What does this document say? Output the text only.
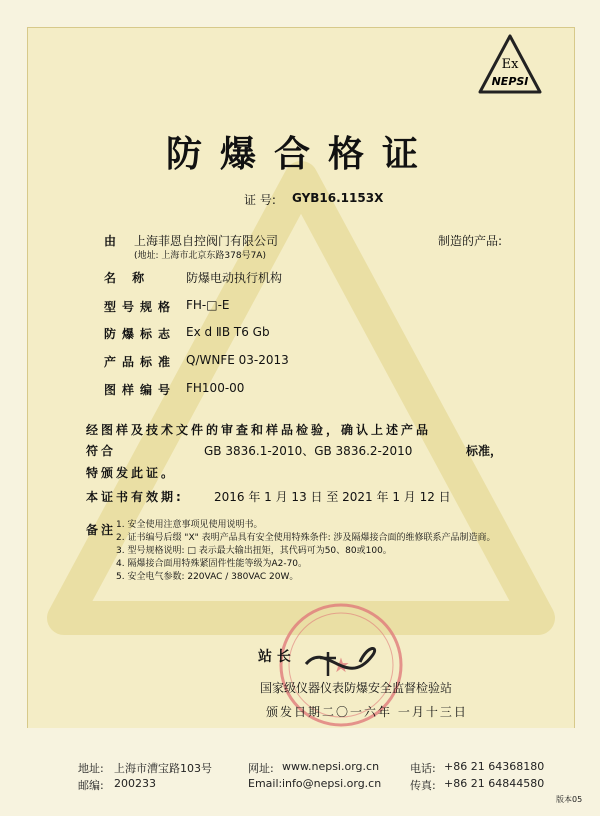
Ex
NEPSI
防爆合格证
证 号: GYB16.1153X
由 上海菲恩自控阀门有限公司	制造的产品:
(地址: 上海市北京东路378号7A)
名 称	防爆电动执行机构
型号规格 FH-□-E
防爆标志 Ex d ⅡB T6 Gb
产品标准 Q/WNFE 03-2013
图样编号 FH100-00
经图样及技术文件的审查和样品检验，确认上述产品
符合	GB 3836.1-2010、GB 3836.2-2010	标准，
特颁发此证。
本证书有效期:	2016 年 1 月 13 日 至 2021 年 1 月 12 日
备注 1. 安全使用注意事项见使用说明书。
2. 证书编号后缀 "X" 表明产品具有安全使用特殊条件: 涉及隔爆接合面的维修联系产品制造商。
3. 型号规格说明: □ 表示最大输出扭矩，其代码可为50、80或100。
4. 隔爆接合面用特殊紧固件性能等级为A2-70。
5. 安全电气参数: 220VAC / 380VAC 20W。
★
站 长
国家级仪器仪表防爆安全监督检验站
颁发日期二〇一六年 一月十三日
地址: 上海市漕宝路103号
邮编: 200233
网址: www.nepsi.org.cn
Email: info@nepsi.org.cn
电话: +86 21 64368180
传真: +86 21 64844580
版本05
